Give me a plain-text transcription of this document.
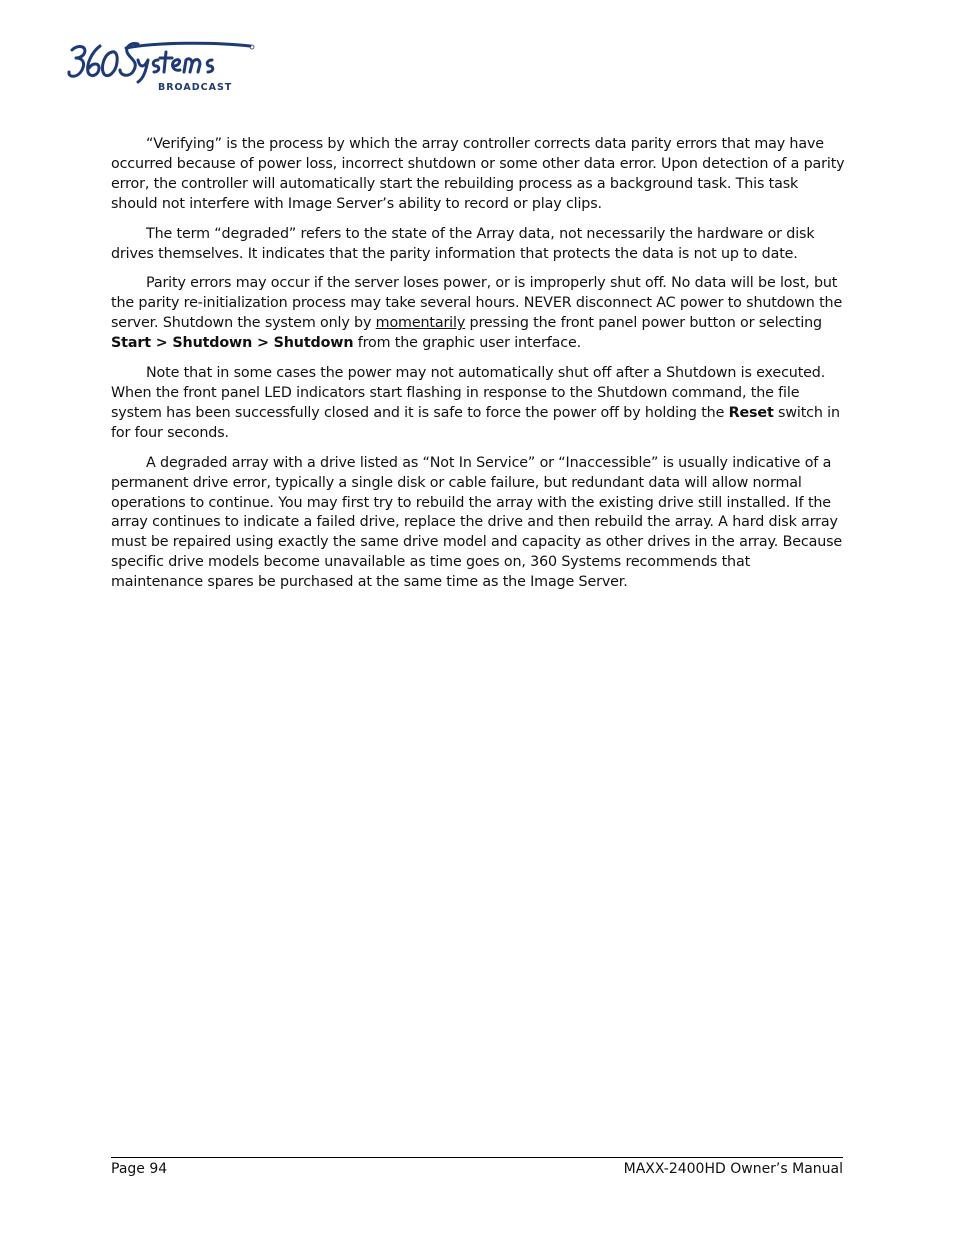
BROADCAST

“Verifying” is the process by which the array controller corrects data parity errors that may have occurred because of power loss, incorrect shutdown or some other data error. Upon detection of a parity error, the controller will automatically start the rebuilding process as a background task. This task should not interfere with Image Server’s ability to record or play clips.

The term “degraded” refers to the state of the Array data, not necessarily the hardware or disk drives themselves. It indicates that the parity information that protects the data is not up to date.

Parity errors may occur if the server loses power, or is improperly shut off. No data will be lost, but the parity re-initialization process may take several hours. NEVER disconnect AC power to shutdown the server. Shutdown the system only by momentarily pressing the front panel power button or selecting Start > Shutdown > Shutdown from the graphic user interface.

Note that in some cases the power may not automatically shut off after a Shutdown is executed. When the front panel LED indicators start flashing in response to the Shutdown command, the file system has been successfully closed and it is safe to force the power off by holding the Reset switch in for four seconds.

A degraded array with a drive listed as “Not In Service” or “Inaccessible” is usually indicative of a permanent drive error, typically a single disk or cable failure, but redundant data will allow normal operations to continue. You may first try to rebuild the array with the existing drive still installed. If the array continues to indicate a failed drive, replace the drive and then rebuild the array. A hard disk array must be repaired using exactly the same drive model and capacity as other drives in the array. Because specific drive models become unavailable as time goes on, 360 Systems recommends that maintenance spares be purchased at the same time as the Image Server.

Page 94	MAXX-2400HD Owner’s Manual
